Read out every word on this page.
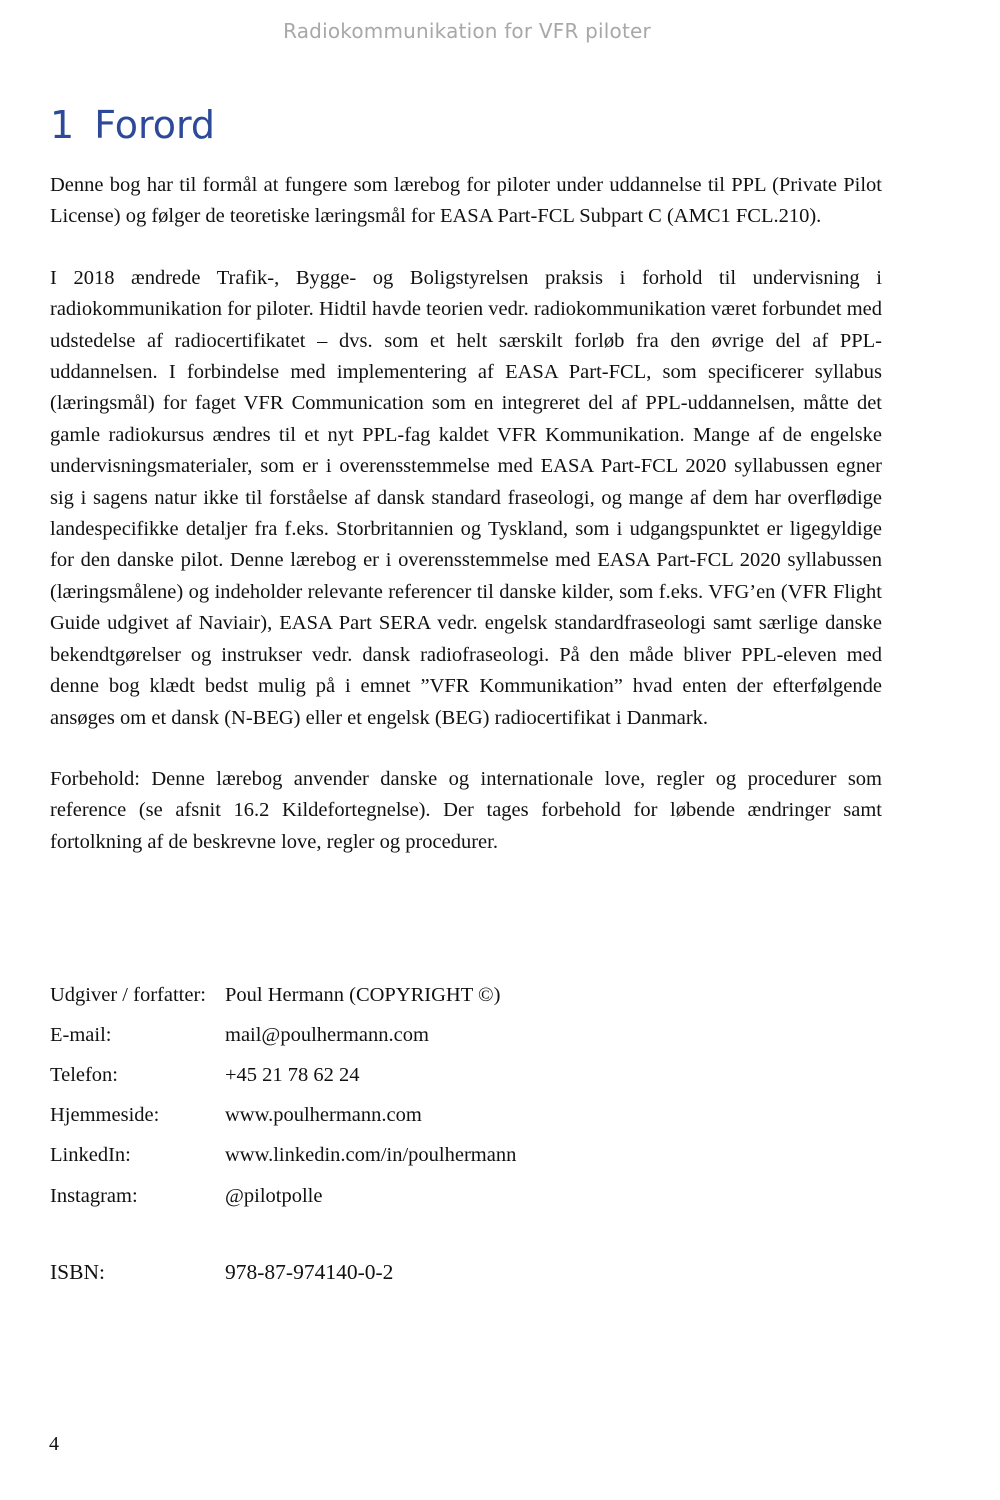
Radiokommunikation for VFR piloter
1 Forord

Denne bog har til formål at fungere som lærebog for piloter under uddannelse til PPL (Private Pilot License) og følger de teoretiske læringsmål for EASA Part-FCL Subpart C (AMC1 FCL.210).

I 2018 ændrede Trafik-, Bygge- og Boligstyrelsen praksis i forhold til undervisning i radiokommunikation for piloter. Hidtil havde teorien vedr. radiokommunikation været forbundet med udstedelse af radiocertifikatet – dvs. som et helt særskilt forløb fra den øvrige del af PPL-uddannelsen. I forbindelse med implementering af EASA Part-FCL, som specificerer syllabus (læringsmål) for faget VFR Communication som en integreret del af PPL-uddannelsen, måtte det gamle radiokursus ændres til et nyt PPL-fag kaldet VFR Kommunikation. Mange af de engelske undervisningsmaterialer, som er i overensstemmelse med EASA Part-FCL 2020 syllabussen egner sig i sagens natur ikke til forståelse af dansk standard fraseologi, og mange af dem har overflødige landespecifikke detaljer fra f.eks. Storbritannien og Tyskland, som i udgangspunktet er ligegyldige for den danske pilot. Denne lærebog er i overensstemmelse med EASA Part-FCL 2020 syllabussen (læringsmålene) og indeholder relevante referencer til danske kilder, som f.eks. VFG’en (VFR Flight Guide udgivet af Naviair), EASA Part SERA vedr. engelsk standardfraseologi samt særlige danske bekendtgørelser og instrukser vedr. dansk radiofraseologi. På den måde bliver PPL-eleven med denne bog klædt bedst mulig på i emnet ”VFR Kommunikation” hvad enten der efterfølgende ansøges om et dansk (N-BEG) eller et engelsk (BEG) radiocertifikat i Danmark.

Forbehold: Denne lærebog anvender danske og internationale love, regler og procedurer som reference (se afsnit 16.2 Kildefortegnelse). Der tages forbehold for løbende ændringer samt fortolkning af de beskrevne love, regler og procedurer.

Udgiver / forfatter: Poul Hermann (COPYRIGHT ©)
E-mail:	mail@poulhermann.com
Telefon:	+45 21 78 62 24
Hjemmeside:	www.poulhermann.com
LinkedIn:	www.linkedin.com/in/poulhermann
Instagram:	@pilotpolle
ISBN:	978-87-974140-0-2
4
